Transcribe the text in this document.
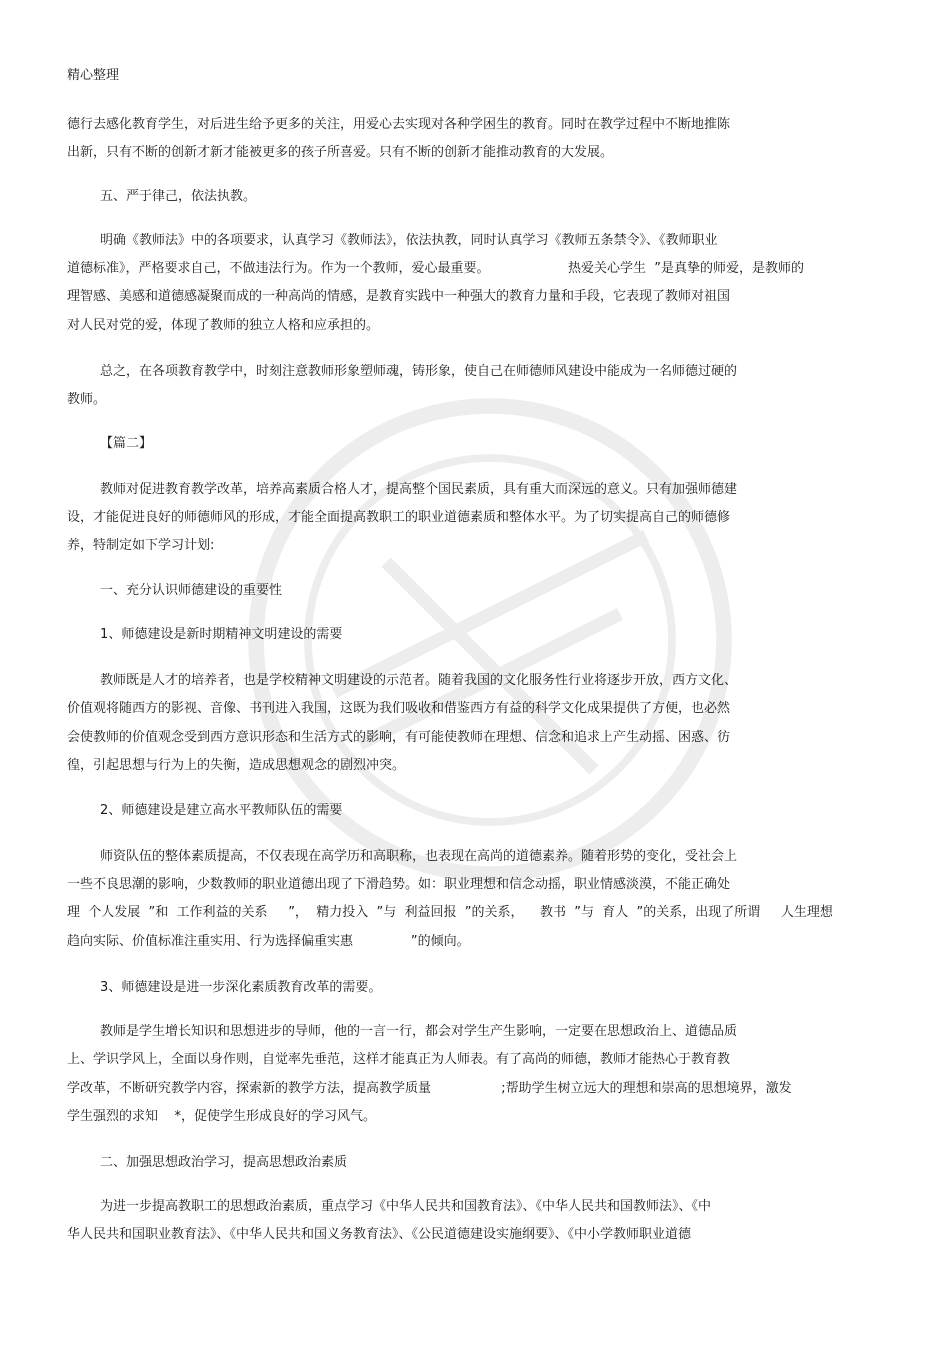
精心整理
德行去感化教育学生，对后进生给予更多的关注，用爱心去实现对各种学困生的教育。同时在教学过程中不断地推陈
出新，只有不断的创新才新才能被更多的孩子所喜爱。只有不断的创新才能推动教育的大发展。
五、严于律己，依法执教。
明确《教师法》中的各项要求，认真学习《教师法》，依法执教，同时认真学习《教师五条禁令》、《教师职业
道德标准》，严格要求自己，不做违法行为。作为一个教师，爱心最重要。                   热爱关心学生  ”是真挚的师爱，是教师的
理智感、美感和道德感凝聚而成的一种高尚的情感，是教育实践中一种强大的教育力量和手段，它表现了教师对祖国
对人民对党的爱，体现了教师的独立人格和应承担的。
总之，在各项教育教学中，时刻注意教师形象塑师魂，铸形象，使自己在师德师风建设中能成为一名师德过硬的
教师。
【篇二】
教师对促进教育教学改革，培养高素质合格人才，提高整个国民素质，具有重大而深远的意义。只有加强师德建
设，才能促进良好的师德师风的形成，才能全面提高教职工的职业道德素质和整体水平。为了切实提高自己的师德修
养，特制定如下学习计划:
一、充分认识师德建设的重要性
1、师德建设是新时期精神文明建设的需要
教师既是人才的培养者，也是学校精神文明建设的示范者。随着我国的文化服务性行业将逐步开放，西方文化、
价值观将随西方的影视、音像、书刊进入我国，这既为我们吸收和借鉴西方有益的科学文化成果提供了方便，也必然
会使教师的价值观念受到西方意识形态和生活方式的影响，有可能使教师在理想、信念和追求上产生动摇、困惑、彷
徨，引起思想与行为上的失衡，造成思想观念的剧烈冲突。
2、师德建设是建立高水平教师队伍的需要
师资队伍的整体素质提高，不仅表现在高学历和高职称，也表现在高尚的道德素养。随着形势的变化，受社会上
一些不良思潮的影响，少数教师的职业道德出现了下滑趋势。如：职业理想和信念动摇，职业情感淡漠，不能正确处
理  个人发展  ”和  工作利益的关系     ”，  精力投入  ”与  利益回报  ”的关系，    教书  ”与  育人  ”的关系，出现了所谓     人生理想
趋向实际、价值标准注重实用、行为选择偏重实惠              ”的倾向。
3、师德建设是进一步深化素质教育改革的需要。
教师是学生增长知识和思想进步的导师，他的一言一行，都会对学生产生影响，一定要在思想政治上、道德品质
上、学识学风上，全面以身作则，自觉率先垂范，这样才能真正为人师表。有了高尚的师德，教师才能热心于教育教
学改革，不断研究教学内容，探索新的教学方法，提高教学质量                 ;帮助学生树立远大的理想和崇高的思想境界，激发
学生强烈的求知    *，促使学生形成良好的学习风气。
二、加强思想政治学习，提高思想政治素质
为进一步提高教职工的思想政治素质，重点学习《中华人民共和国教育法》、《中华人民共和国教师法》、《中
华人民共和国职业教育法》、《中华人民共和国义务教育法》、《公民道德建设实施纲要》、《中小学教师职业道德
